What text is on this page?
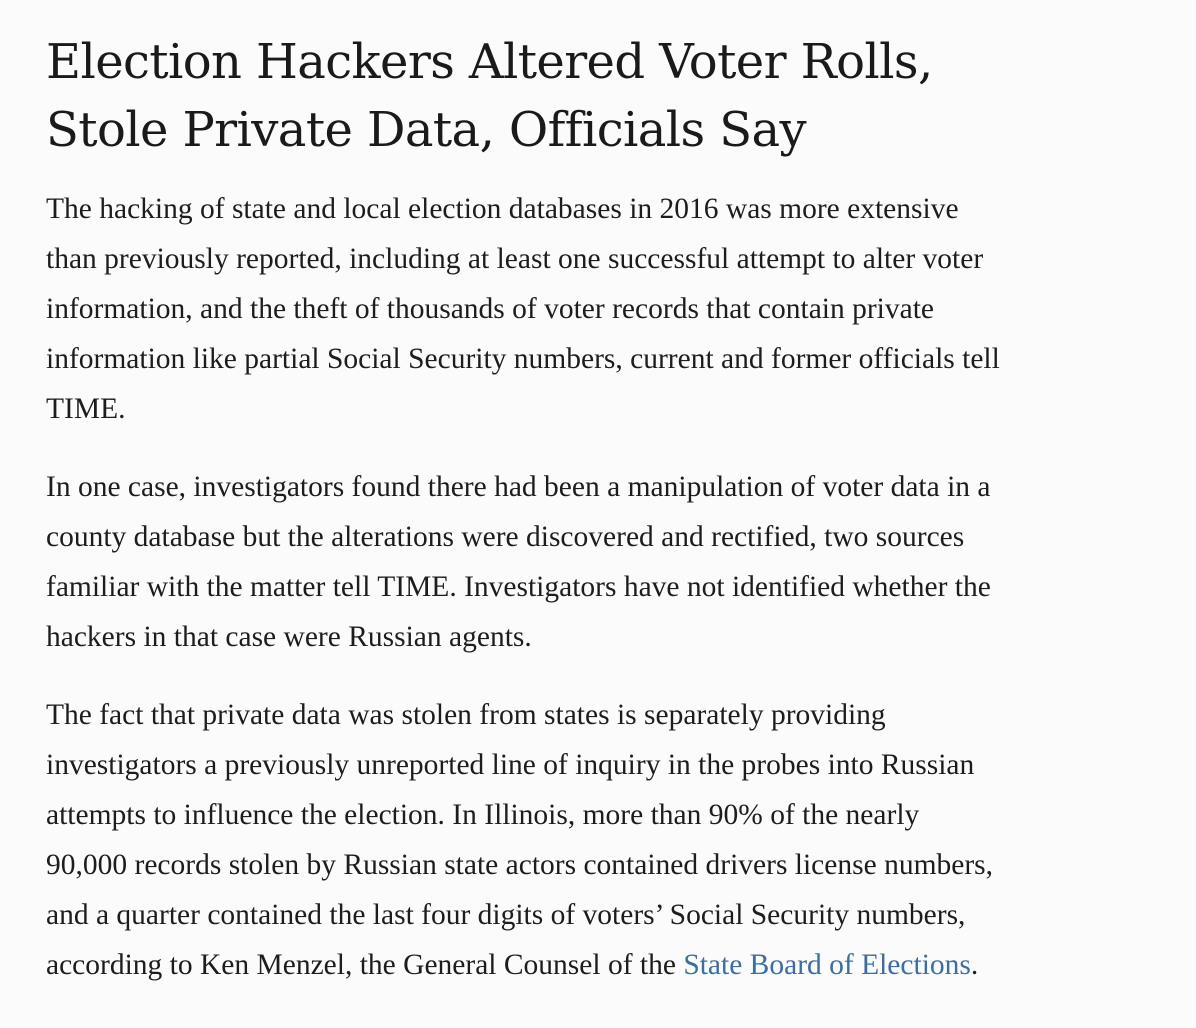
Election Hackers Altered Voter Rolls,
Stole Private Data, Officials Say

The hacking of state and local election databases in 2016 was more extensive
than previously reported, including at least one successful attempt to alter voter
information, and the theft of thousands of voter records that contain private
information like partial Social Security numbers, current and former officials tell
TIME.

In one case, investigators found there had been a manipulation of voter data in a
county database but the alterations were discovered and rectified, two sources
familiar with the matter tell TIME. Investigators have not identified whether the
hackers in that case were Russian agents.

The fact that private data was stolen from states is separately providing
investigators a previously unreported line of inquiry in the probes into Russian
attempts to influence the election. In Illinois, more than 90% of the nearly
90,000 records stolen by Russian state actors contained drivers license numbers,
and a quarter contained the last four digits of voters’ Social Security numbers,
according to Ken Menzel, the General Counsel of the State Board of Elections.
